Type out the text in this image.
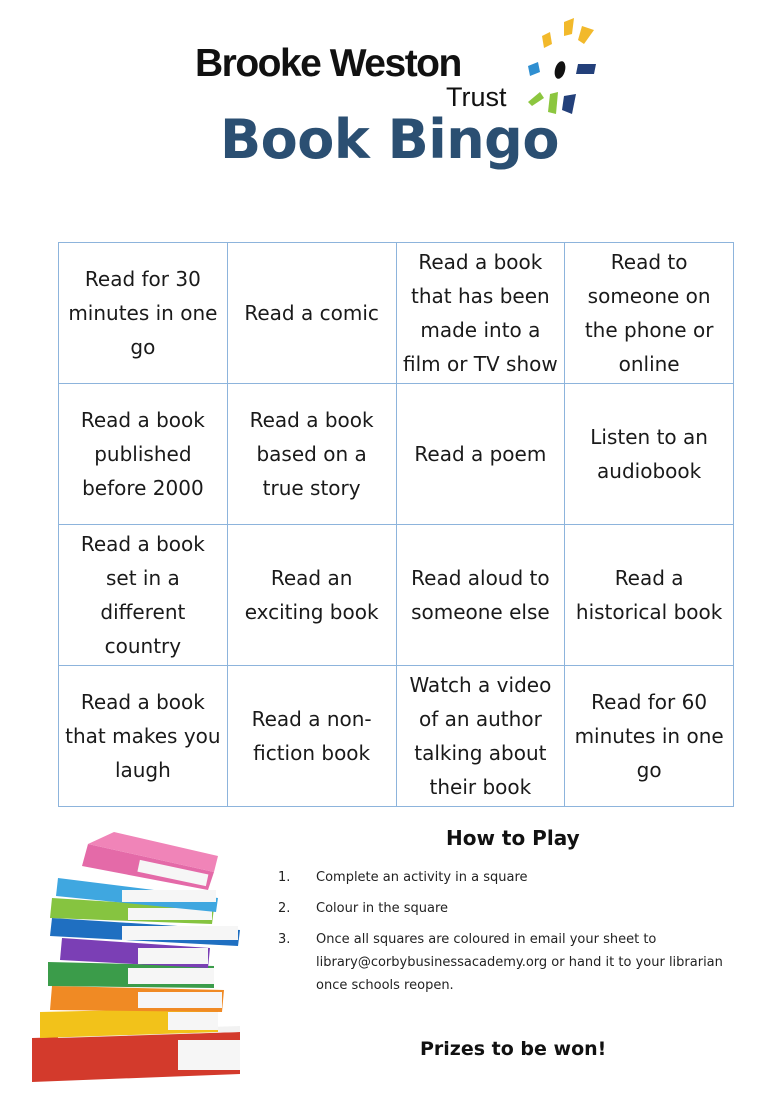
Brooke Weston
Trust
Book Bingo
Read for 30 minutes in one go	Read a comic	Read a book that has been made into a film or TV show	Read to someone on the phone or online
Read a book published before 2000	Read a book based on a true story	Read a poem	Listen to an audiobook
Read a book set in a different country	Read an exciting book	Read aloud to someone else	Read a historical book
Read a book that makes you laugh	Read a non-fiction book	Watch a video of an author talking about their book	Read for 60 minutes in one go
How to Play
1. Complete an activity in a square
2. Colour in the square
3. Once all squares are coloured in email your sheet to library@corbybusinessacademy.org or hand it to your librarian once schools reopen.
Prizes to be won!
